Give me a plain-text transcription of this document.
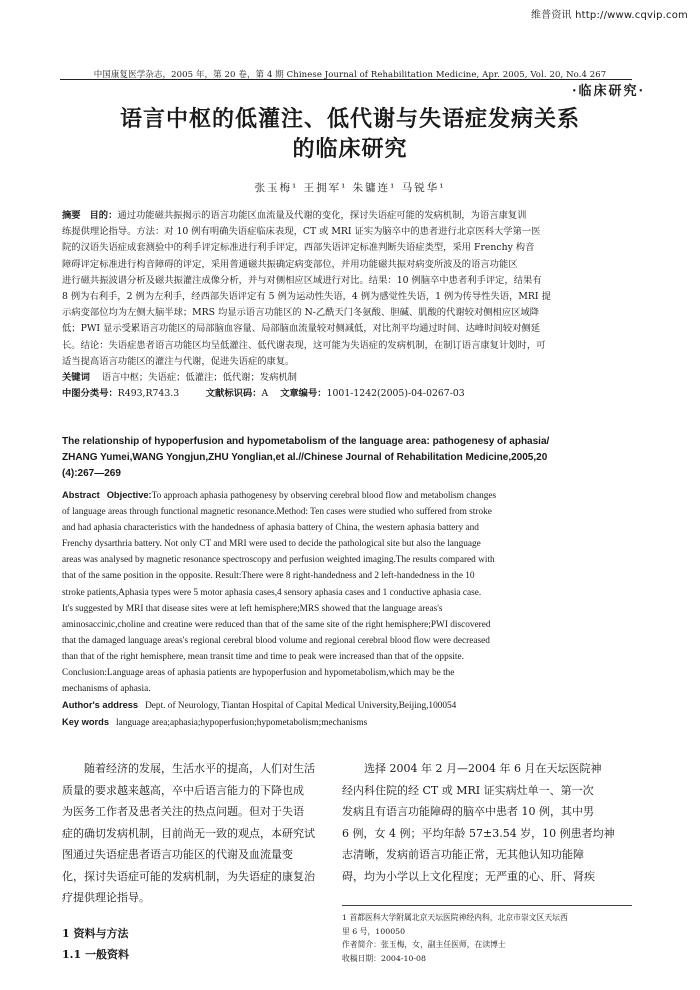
维普资讯 http://www.cqvip.com
中国康复医学杂志，2005 年，第 20 卷，第 4 期 Chinese Journal of Rehabilitation Medicine, Apr. 2005, Vol. 20, No.4 267
·临床研究·
语言中枢的低灌注、低代谢与失语症发病关系
的临床研究
张玉梅¹ 王拥军¹ 朱镛连¹ 马锐华¹
摘要 目的：通过功能磁共振揭示的语言功能区血流量及代谢的变化，探讨失语症可能的发病机制，为语言康复训
练提供理论指导。方法：对 10 例有明确失语症临床表现，CT 或 MRI 证实为脑卒中的患者进行北京医科大学第一医
院的汉语失语症成套测验中的利手评定标准进行利手评定，西部失语评定标准判断失语症类型，采用 Frenchy 构音
障碍评定标准进行构音障碍的评定，采用普通磁共振确定病变部位，并用功能磁共振对病变所波及的语言功能区
进行磁共振波谱分析及磁共振灌注成像分析，并与对侧相应区域进行对比。结果：10 例脑卒中患者利手评定，结果有
8 例为右利手，2 例为左利手，经西部失语评定有 5 例为运动性失语，4 例为感觉性失语，1 例为传导性失语，MRI 提
示病变部位均为左侧大脑半球；MRS 均显示语言功能区的 N-乙酰天门冬氨酸、胆碱、肌酸的代谢较对侧相应区域降
低；PWI 显示受累语言功能区的局部脑血容量、局部脑血流量较对侧减低，对比剂平均通过时间、达峰时间较对侧延
长。结论：失语症患者语言功能区均呈低灌注、低代谢表现，这可能为失语症的发病机制，在制订语言康复计划时，可
适当提高语言功能区的灌注与代谢，促进失语症的康复。
关键词 语言中枢；失语症；低灌注；低代谢；发病机制
中图分类号：R493,R743.3	文献标识码：A 文章编号：1001-1242(2005)-04-0267-03
The relationship of hypoperfusion and hypometabolism of the language area: pathogenesy of aphasia/
ZHANG Yumei,WANG Yongjun,ZHU Yonglian,et al.//Chinese Journal of Rehabilitation Medicine,2005,20
(4):267—269
Abstract Objective:To approach aphasia pathogenesy by observing cerebral blood flow and metabolism changes
of language areas through functional magnetic resonance.Method: Ten cases were studied who suffered from stroke
and had aphasia characteristics with the handedness of aphasia battery of China, the western aphasia battery and
Frenchy dysarthria battery. Not only CT and MRI were used to decide the pathological site but also the language
areas was analysed by magnetic resonance spectroscopy and perfusion weighted imaging.The results compared with
that of the same position in the opposite. Result:There were 8 right-handedness and 2 left-handedness in the 10
stroke patients,Aphasia types were 5 motor aphasia cases,4 sensory aphasia cases and 1 conductive aphasia case.
It's suggested by MRI that disease sites were at left hemisphere;MRS showed that the language areas's
aminosaccinic,choline and creatine were reduced than that of the same site of the right hemisphere;PWI discovered
that the damaged language areas's regional cerebral blood volume and regional cerebral blood flow were decreased
than that of the right hemisphere, mean transit time and time to peak were increased than that of the oppsite.
Conclusion:Language areas of aphasia patients are hypoperfusion and hypometabolism,which may be the
mechanisms of aphasia.
Author's address Dept. of Neurology, Tiantan Hospital of Capital Medical University,Beijing,100054
Key words language area;aphasia;hypoperfusion;hypometabolism;mechanisms
随着经济的发展，生活水平的提高，人们对生活
质量的要求越来越高，卒中后语言能力的下降也成
为医务工作者及患者关注的热点问题。但对于失语
症的确切发病机制，目前尚无一致的观点，本研究试
图通过失语症患者语言功能区的代谢及血流量变
化，探讨失语症可能的发病机制，为失语症的康复治
疗提供理论指导。
1 资料与方法
1.1 一般资料
选择 2004 年 2 月—2004 年 6 月在天坛医院神
经内科住院的经 CT 或 MRI 证实病灶单一、第一次
发病且有语言功能障碍的脑卒中患者 10 例，其中男
6 例，女 4 例；平均年龄 57±3.54 岁，10 例患者均神
志清晰，发病前语言功能正常，无其他认知功能障
碍，均为小学以上文化程度；无严重的心、肝、肾疾
1 首都医科大学附属北京天坛医院神经内科，北京市崇文区天坛西
里 6 号，100050
作者简介：张玉梅，女，副主任医师，在读博士
收稿日期：2004-10-08
